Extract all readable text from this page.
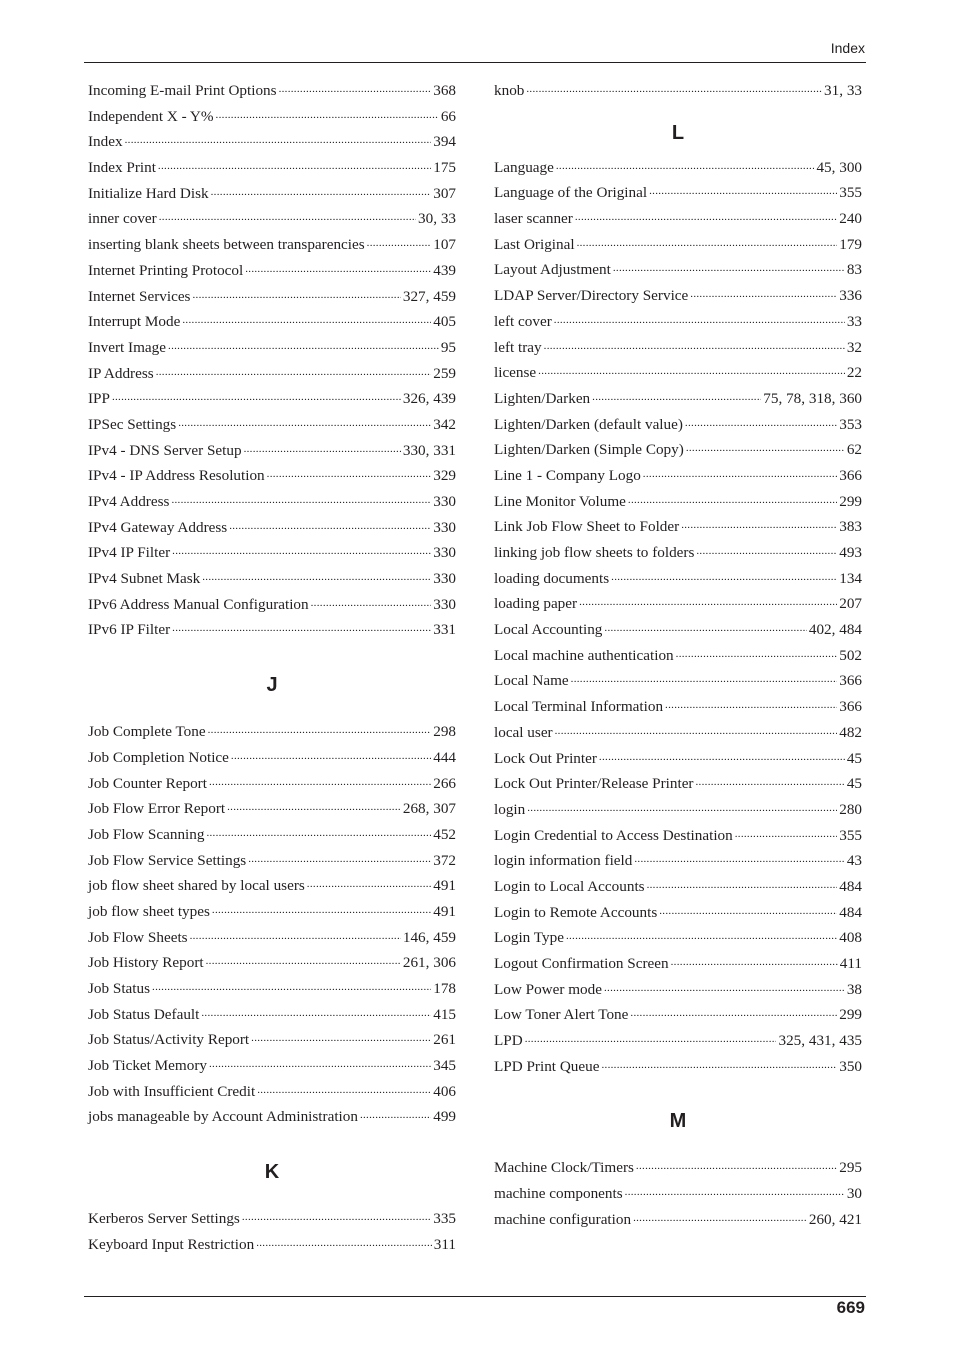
Index
Incoming E-mail Print Options .....	368
Independent X - Y% .....	66
Index .....	394
Index Print .....	175
Initialize Hard Disk .....	307
inner cover .....	30, 33
inserting blank sheets between transparencies .....	107
Internet Printing Protocol .....	439
Internet Services .....	327, 459
Interrupt Mode .....	405
Invert Image .....	95
IP Address .....	259
IPP .....	326, 439
IPSec Settings .....	342
IPv4 - DNS Server Setup .....	330, 331
IPv4 - IP Address Resolution .....	329
IPv4 Address .....	330
IPv4 Gateway Address .....	330
IPv4 IP Filter .....	330
IPv4 Subnet Mask .....	330
IPv6 Address Manual Configuration .....	330
IPv6 IP Filter .....	331
J
Job Complete Tone .....	298
Job Completion Notice .....	444
Job Counter Report .....	266
Job Flow Error Report .....	268, 307
Job Flow Scanning .....	452
Job Flow Service Settings .....	372
job flow sheet shared by local users .....	491
job flow sheet types .....	491
Job Flow Sheets .....	146, 459
Job History Report .....	261, 306
Job Status .....	178
Job Status Default .....	415
Job Status/Activity Report .....	261
Job Ticket Memory .....	345
Job with Insufficient Credit .....	406
jobs manageable by Account Administration .....	499
K
Kerberos Server Settings .....	335
Keyboard Input Restriction .....	311
knob .....	31, 33
L
Language .....	45, 300
Language of the Original .....	355
laser scanner .....	240
Last Original .....	179
Layout Adjustment .....	83
LDAP Server/Directory Service .....	336
left cover .....	33
left tray .....	32
license .....	22
Lighten/Darken .....	75, 78, 318, 360
Lighten/Darken (default value) .....	353
Lighten/Darken (Simple Copy) .....	62
Line 1 - Company Logo .....	366
Line Monitor Volume .....	299
Link Job Flow Sheet to Folder .....	383
linking job flow sheets to folders .....	493
loading documents .....	134
loading paper .....	207
Local Accounting .....	402, 484
Local machine authentication .....	502
Local Name .....	366
Local Terminal Information .....	366
local user .....	482
Lock Out Printer .....	45
Lock Out Printer/Release Printer .....	45
login .....	280
Login Credential to Access Destination .....	355
login information field .....	43
Login to Local Accounts .....	484
Login to Remote Accounts .....	484
Login Type .....	408
Logout Confirmation Screen .....	411
Low Power mode .....	38
Low Toner Alert Tone .....	299
LPD .....	325, 431, 435
LPD Print Queue .....	350
M
Machine Clock/Timers .....	295
machine components .....	30
machine configuration .....	260, 421
669
